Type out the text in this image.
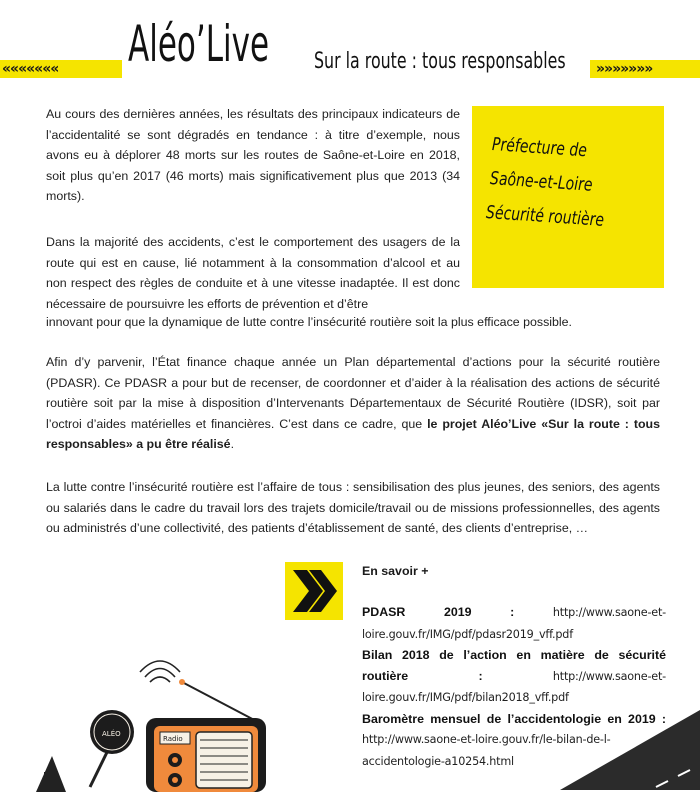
«««««««	Aléo’Live Sur la route : tous responsables	»»»»»»»
Préfecture de
Saône-et-Loire
Sécurité routière

Au cours des dernières années, les résultats des principaux indicateurs de l’accidentalité se sont dégradés en tendance : à titre d’exemple, nous avons eu à déplorer 48 morts sur les routes de Saône-et-Loire en 2018, soit plus qu’en 2017 (46 morts) mais significativement plus que 2013 (34 morts).

Dans la majorité des accidents, c’est le comportement des usagers de la route qui est en cause, lié notamment à la consommation d’alcool et au non respect des règles de conduite et à une vitesse inadaptée. Il est donc nécessaire de poursuivre les efforts de prévention et d’être

innovant pour que la dynamique de lutte contre l’insécurité routière soit la plus efficace possible.

Afin d’y parvenir, l’État finance chaque année un Plan départemental d’actions pour la sécurité routière (PDASR). Ce PDASR a pour but de recenser, de coordonner et d’aider à la réalisation des actions de sécurité routière soit par la mise à disposition d’Intervenants Départementaux de Sécurité Routière (IDSR), soit par l’octroi d’aides matérielles et financières. C’est dans ce cadre, que le projet Aléo’Live «Sur la route : tous responsables» a pu être réalisé.

La lutte contre l’insécurité routière est l’affaire de tous : sensibilisation des plus jeunes, des seniors, des agents ou salariés dans le cadre du travail lors des trajets domicile/travail ou de missions professionnelles, des agents ou administrés d’une collectivité, des patients d’établissement de santé, des clients d’entreprise, …

En savoir +
PDASR 2019 :	http://www.saone-et-loire.gouv.fr/IMG/pdf/pdasr2019_vff.pdf
Bilan 2018 de l’action en matière de sécurité routière :	http://www.saone-et-loire.gouv.fr/IMG/pdf/bilan2018_vff.pdf
Baromètre mensuel de l’accidentologie en 2019 : http://www.saone-et-loire.gouv.fr/le-bilan-de-l-accidentologie-a10254.html
Radio
ALÉO
